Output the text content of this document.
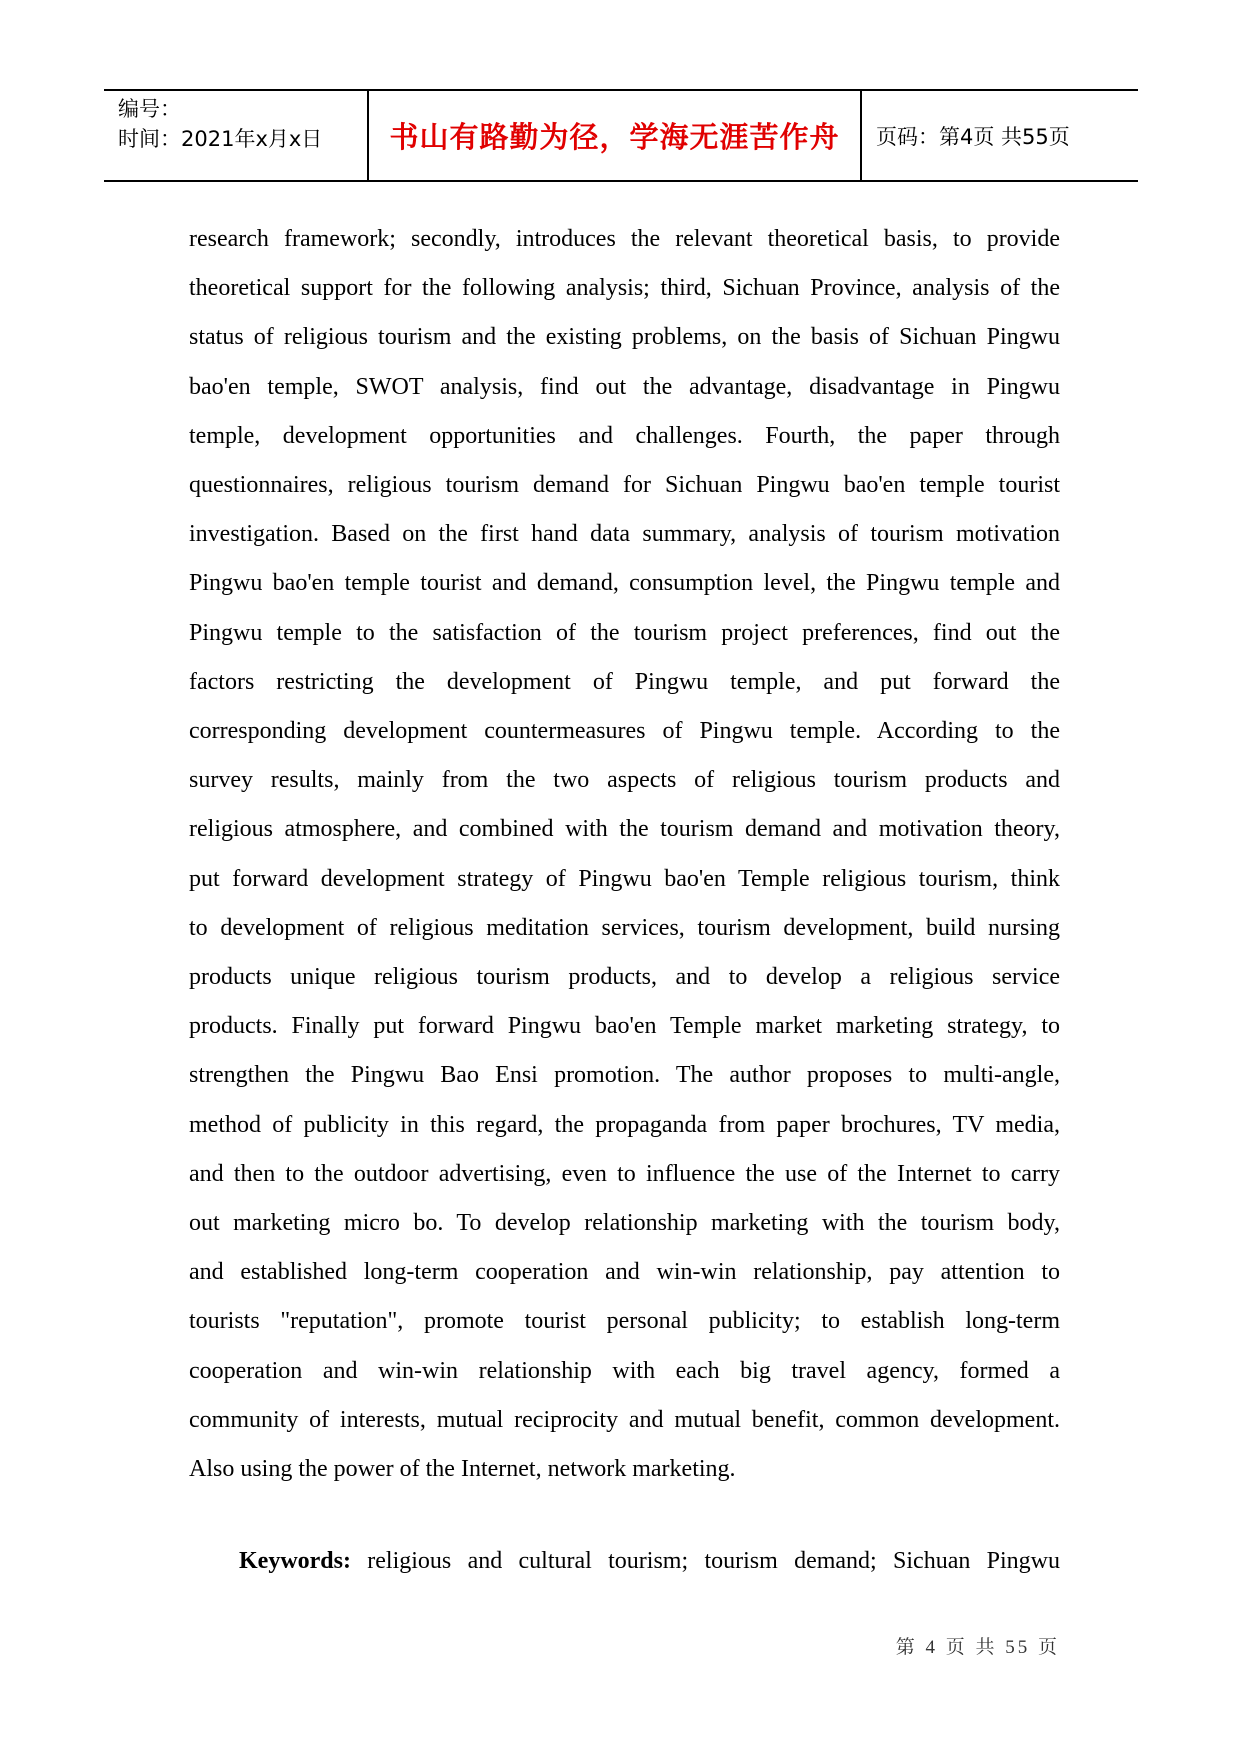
编号：
时间：2021年x月x日	书山有路勤为径，学海无涯苦作舟	页码：第4页 共55页
research framework; secondly, introduces the relevant theoretical basis, to provide
theoretical support for the following analysis; third, Sichuan Province, analysis of the
status of religious tourism and the existing problems, on the basis of Sichuan Pingwu
bao'en temple, SWOT analysis, find out the advantage, disadvantage in Pingwu
temple, development opportunities and challenges. Fourth, the paper through
questionnaires, religious tourism demand for Sichuan Pingwu bao'en temple tourist
investigation. Based on the first hand data summary, analysis of tourism motivation
Pingwu bao'en temple tourist and demand, consumption level, the Pingwu temple and
Pingwu temple to the satisfaction of the tourism project preferences, find out the
factors restricting the development of Pingwu temple, and put forward the
corresponding development countermeasures of Pingwu temple. According to the
survey results, mainly from the two aspects of religious tourism products and
religious atmosphere, and combined with the tourism demand and motivation theory,
put forward development strategy of Pingwu bao'en Temple religious tourism, think
to development of religious meditation services, tourism development, build nursing
products unique religious tourism products, and to develop a religious service
products. Finally put forward Pingwu bao'en Temple market marketing strategy, to
strengthen the Pingwu Bao Ensi promotion. The author proposes to multi-angle,
method of publicity in this regard, the propaganda from paper brochures, TV media,
and then to the outdoor advertising, even to influence the use of the Internet to carry
out marketing micro bo. To develop relationship marketing with the tourism body,
and established long-term cooperation and win-win relationship, pay attention to
tourists "reputation", promote tourist personal publicity; to establish long-term
cooperation and win-win relationship with each big travel agency, formed a
community of interests, mutual reciprocity and mutual benefit, common development.
Also using the power of the Internet, network marketing.
Keywords: religious and cultural tourism; tourism demand; Sichuan Pingwu
第 4 页 共 55 页
